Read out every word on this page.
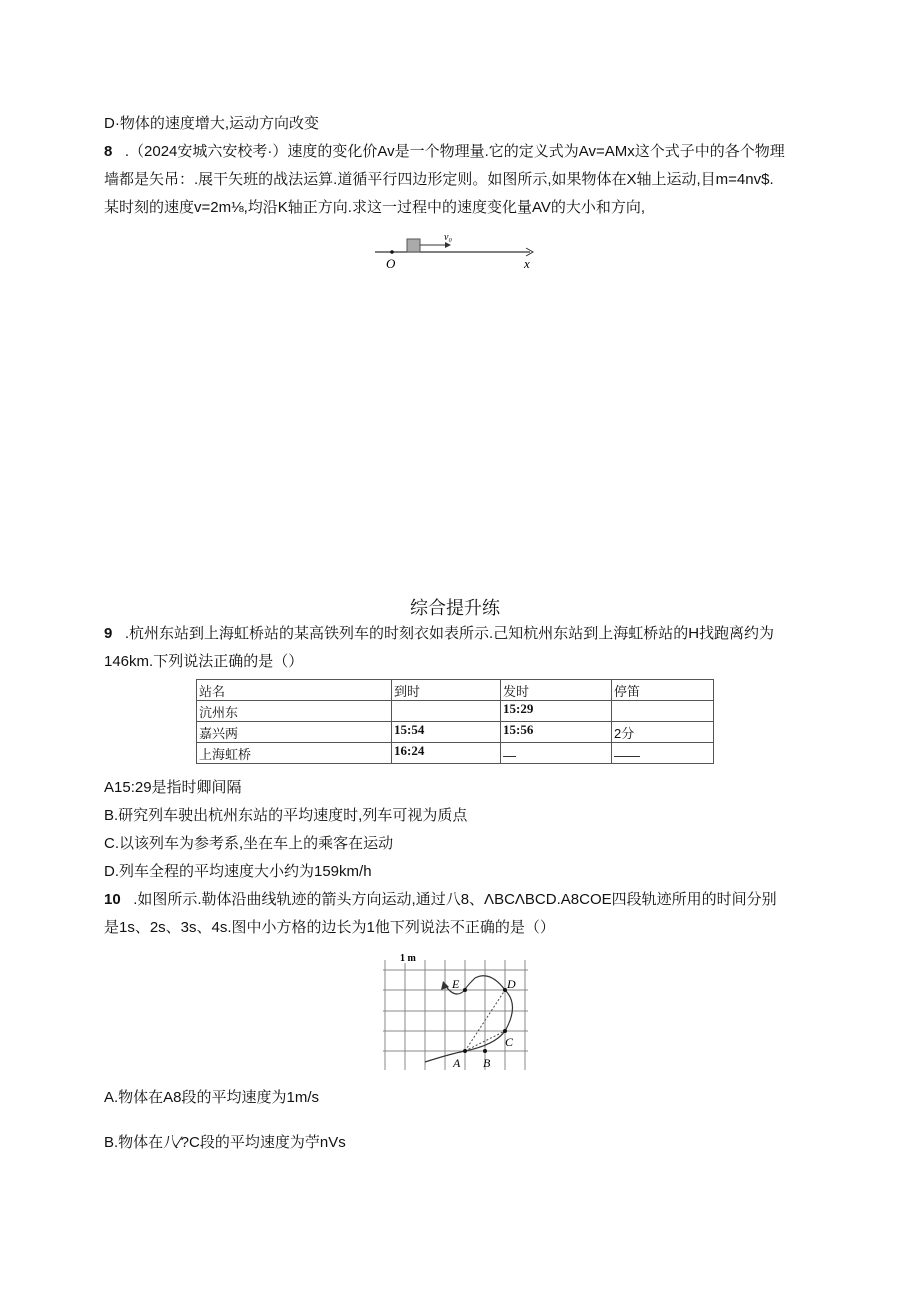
D·物体的速度增大,运动方向改变
8 .（2024安城六安校考·）速度的变化价Av是一个物理量.它的定义式为Av=AMx这个式子中的各个物理
墙都是矢吊：.展干矢班的战法运算.道循平行四边形定则。如图所示,如果物体在X轴上运动,目m=4nv$.
某时刻的速度v=2m⅛,均沿K轴正方向.求这一过程中的速度变化量AV的大小和方向,
v₀
O	x
综合提升练
9 .杭州东站到上海虹桥站的某高铁列车的时刻衣如表所示.己知杭州东站到上海虹桥站的H找跑离约为
146km.下列说法正确的是（）
站名	到时	发时	停笛
沆州东		15:29	
嘉兴两	15:54	15:56	2分
上海虹桥	16:24	—	——
A15:29是指时卿间隔
B.研究列车驶出杭州东站的平均速度时,列车可视为质点
C.以该列车为参考系,坐在车上的乘客在运动
D.列车全程的平均速度大小约为159km/h
10 .如图所示.勒体沿曲线轨迹的箭头方向运动,通过八8、ΛBCΛBCD.A8COE四段轨迹所用的时间分别
是1s、2s、3s、4s.图中小方格的边长为1他下列说法不正确的是（）
1 m
A B
C
D
E
A.物体在A8段的平均速度为1m/s
B.物体在八∕?C段的平均速度为苧nVs
